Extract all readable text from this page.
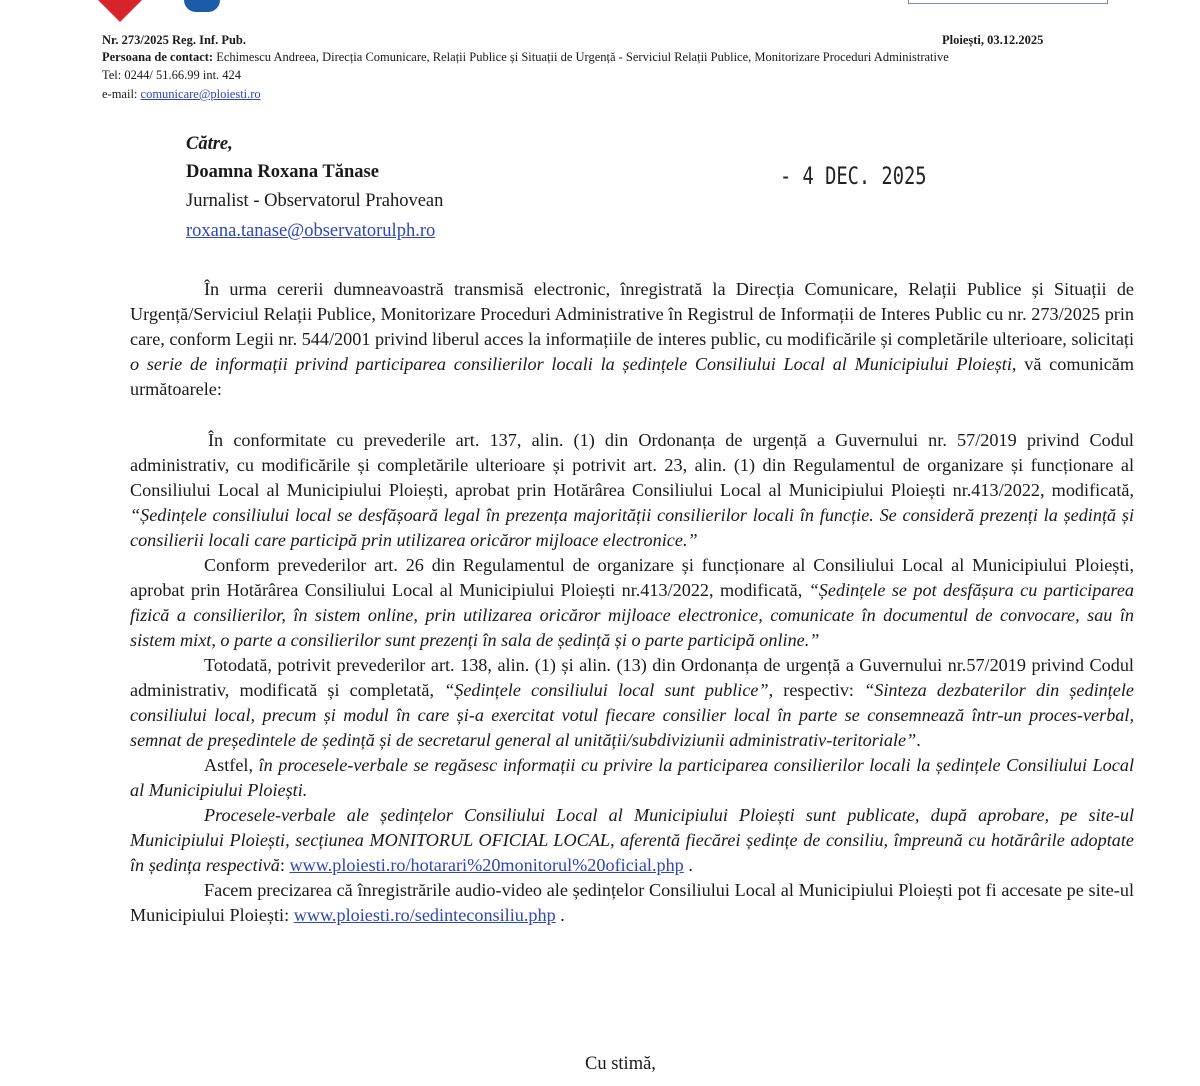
Nr. 273/2025 Reg. Inf. Pub.	Ploiești, 03.12.2025
Persoana de contact: Echimescu Andreea, Direcția Comunicare, Relații Publice și Situații de Urgență - Serviciul Relații Publice, Monitorizare Proceduri Administrative
Tel: 0244/ 51.66.99 int. 424
e-mail: comunicare@ploiesti.ro
Către,
Doamna Roxana Tănase
Jurnalist - Observatorul Prahovean
roxana.tanase@observatorulph.ro
- 4 DEC. 2025

În urma cererii dumneavoastră transmisă electronic, înregistrată la Direcția Comunicare, Relații Publice și Situații de Urgență/Serviciul Relații Publice, Monitorizare Proceduri Administrative în Registrul de Informații de Interes Public cu nr. 273/2025 prin care, conform Legii nr. 544/2001 privind liberul acces la informațiile de interes public, cu modificările și completările ulterioare, solicitați o serie de informații privind participarea consilierilor locali la ședințele Consiliului Local al Municipiului Ploiești, vă comunicăm următoarele:

În conformitate cu prevederile art. 137, alin. (1) din Ordonanța de urgență a Guvernului nr. 57/2019 privind Codul administrativ, cu modificările și completările ulterioare și potrivit art. 23, alin. (1) din Regulamentul de organizare și funcționare al Consiliului Local al Municipiului Ploiești, aprobat prin Hotărârea Consiliului Local al Municipiului Ploiești nr.413/2022, modificată, “Ședințele consiliului local se desfășoară legal în prezența majorității consilierilor locali în funcție. Se consideră prezenți la ședință și consilierii locali care participă prin utilizarea oricăror mijloace electronice.”

Conform prevederilor art. 26 din Regulamentul de organizare și funcționare al Consiliului Local al Municipiului Ploiești, aprobat prin Hotărârea Consiliului Local al Municipiului Ploiești nr.413/2022, modificată, “Ședințele se pot desfășura cu participarea fizică a consilierilor, în sistem online, prin utilizarea oricăror mijloace electronice, comunicate în documentul de convocare, sau în sistem mixt, o parte a consilierilor sunt prezenți în sala de ședință și o parte participă online.”

Totodată, potrivit prevederilor art. 138, alin. (1) și alin. (13) din Ordonanța de urgență a Guvernului nr.57/2019 privind Codul administrativ, modificată și completată, “Ședințele consiliului local sunt publice”, respectiv: “Sinteza dezbaterilor din ședințele consiliului local, precum și modul în care și-a exercitat votul fiecare consilier local în parte se consemnează într-un proces-verbal, semnat de președintele de ședință și de secretarul general al unității/subdiviziunii administrativ-teritoriale”.

Astfel, în procesele-verbale se regăsesc informații cu privire la participarea consilierilor locali la ședințele Consiliului Local al Municipiului Ploiești.

Procesele-verbale ale ședințelor Consiliului Local al Municipiului Ploiești sunt publicate, după aprobare, pe site-ul Municipiului Ploiești, secțiunea MONITORUL OFICIAL LOCAL, aferentă fiecărei ședințe de consiliu, împreună cu hotărârile adoptate în ședința respectivă: www.ploiesti.ro/hotarari%20monitorul%20oficial.php .

Facem precizarea că înregistrările audio-video ale ședințelor Consiliului Local al Municipiului Ploiești pot fi accesate pe site-ul Municipiului Ploiești: www.ploiesti.ro/sedinteconsiliu.php .

Cu stimă,
